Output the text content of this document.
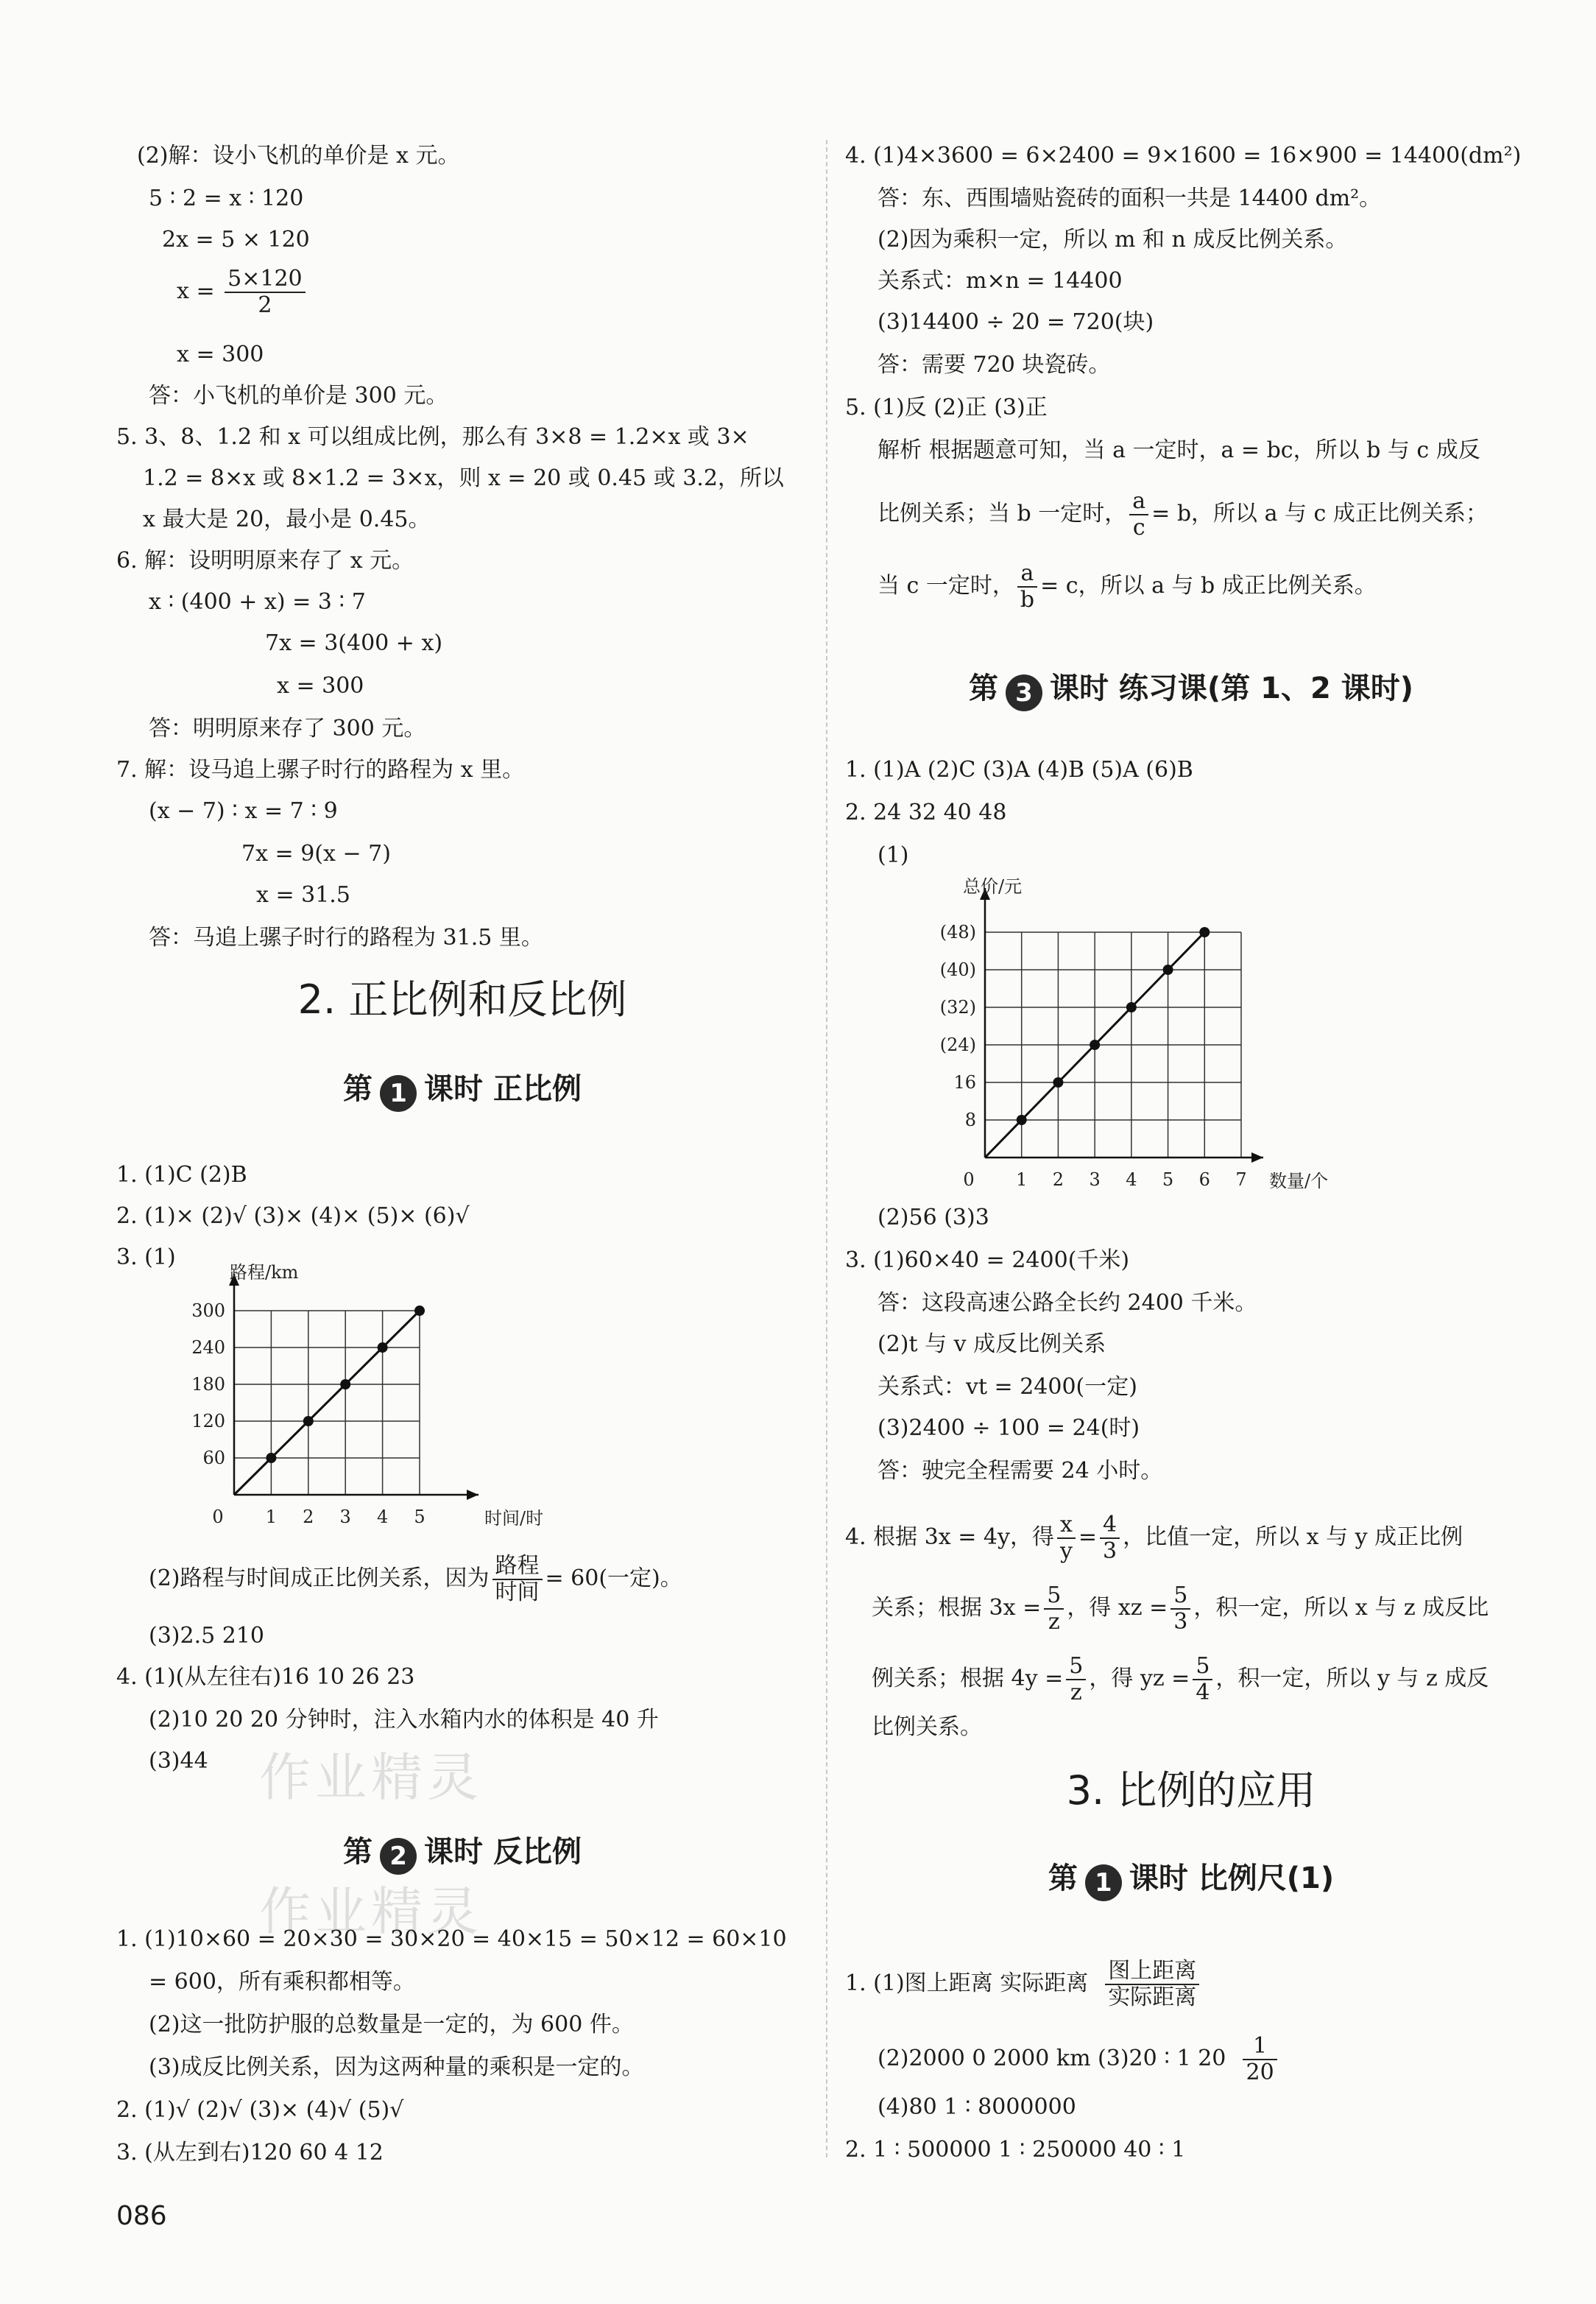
作业精灵
作业精灵
(2)解：设小飞机的单价是 x 元。
5 ∶ 2 = x ∶ 120
2x = 5 × 120
$x = \frac{5\times 120}{2}$
x = 300
答：小飞机的单价是 300 元。
5. 3、8、1.2 和 x 可以组成比例，那么有 3×8 = 1.2×x 或 3×
1.2 = 8×x 或 8×1.2 = 3×x，则 x = 20 或 0.45 或 3.2，所以
x 最大是 20，最小是 0.45。
6. 解：设明明原来存了 x 元。
x ∶ (400 + x) = 3 ∶ 7
7x = 3(400 + x)
x = 300
答：明明原来存了 300 元。
7. 解：设马追上骡子时行的路程为 x 里。
(x − 7) ∶ x = 7 ∶ 9
7x = 9(x − 7)
x = 31.5
答：马追上骡子时行的路程为 31.5 里。
2. 正比例和反比例
第 1 课时 正比例
1. (1)C (2)B
2. (1)× (2)√ (3)× (4)× (5)× (6)√
3. (1)
0 1 2 3 4 5
60
120
180
240
300
时间/时
路程/km
(2)路程与时间成正比例关系，因为 $\frac{\text{路程}}{\text{时间}} = 60$(一定)。
(3)2.5 210
4. (1)(从左往右)16 10 26 23
(2)10 20 20 分钟时，注入水箱内水的体积是 40 升
(3)44
第 2 课时 反比例
1. (1)10×60 = 20×30 = 30×20 = 40×15 = 50×12 = 60×10
= 600，所有乘积都相等。
(2)这一批防护服的总数量是一定的，为 600 件。
(3)成反比例关系，因为这两种量的乘积是一定的。
2. (1)√ (2)√ (3)× (4)√ (5)√
3. (从左到右)120 60 4 12
4. (1)4×3600 = 6×2400 = 9×1600 = 16×900 = 14400(dm²)
答：东、西围墙贴瓷砖的面积一共是 14400 dm²。
(2)因为乘积一定，所以 m 和 n 成反比例关系。
关系式：m×n = 14400
(3)14400 ÷ 20 = 720(块)
答：需要 720 块瓷砖。
5. (1)反 (2)正 (3)正
解析 根据题意可知，当 a 一定时，a = bc，所以 b 与 c 成反
比例关系；当 b 一定时， $\frac{a}{c} = b$，所以 a 与 c 成正比例关系；
当 c 一定时， $\frac{a}{b} = c$，所以 a 与 b 成正比例关系。
第 3 课时 练习课(第 1、2 课时)
1. (1)A (2)C (3)A (4)B (5)A (6)B
2. 24 32 40 48
(1)
0 1 2 3 4 5 6 7
8
16
(24)
(32)
(40)
(48)
数量/个
总价/元
(2)56 (3)3
3. (1)60×40 = 2400(千米)
答：这段高速公路全长约 2400 千米。
(2)t 与 v 成反比例关系
关系式：vt = 2400(一定)
(3)2400 ÷ 100 = 24(时)
答：驶完全程需要 24 小时。
4. 根据 3x = 4y，得 $\frac{x}{y} = \frac{4}{3}$ ，比值一定，所以 x 与 y 成正比例
关系；根据 $3x = \frac{5}{z}$ ，得 xz = $\frac{5}{3}$ ，积一定，所以 x 与 z 成反比
例关系；根据 $4y = \frac{5}{z}$ ，得 yz = $\frac{5}{4}$ ，积一定，所以 y 与 z 成反
比例关系。
3. 比例的应用
第 1 课时 比例尺(1)
1. (1)图上距离 实际距离 $\frac{\text{图上距离}}{\text{实际距离}}$
(2)2000 0 2000 km (3)20 ∶ 1 $20 \frac{1}{20}$
(4)80 1 ∶ 8000000
2. 1 ∶ 500000 1 ∶ 250000 40 ∶ 1
086
